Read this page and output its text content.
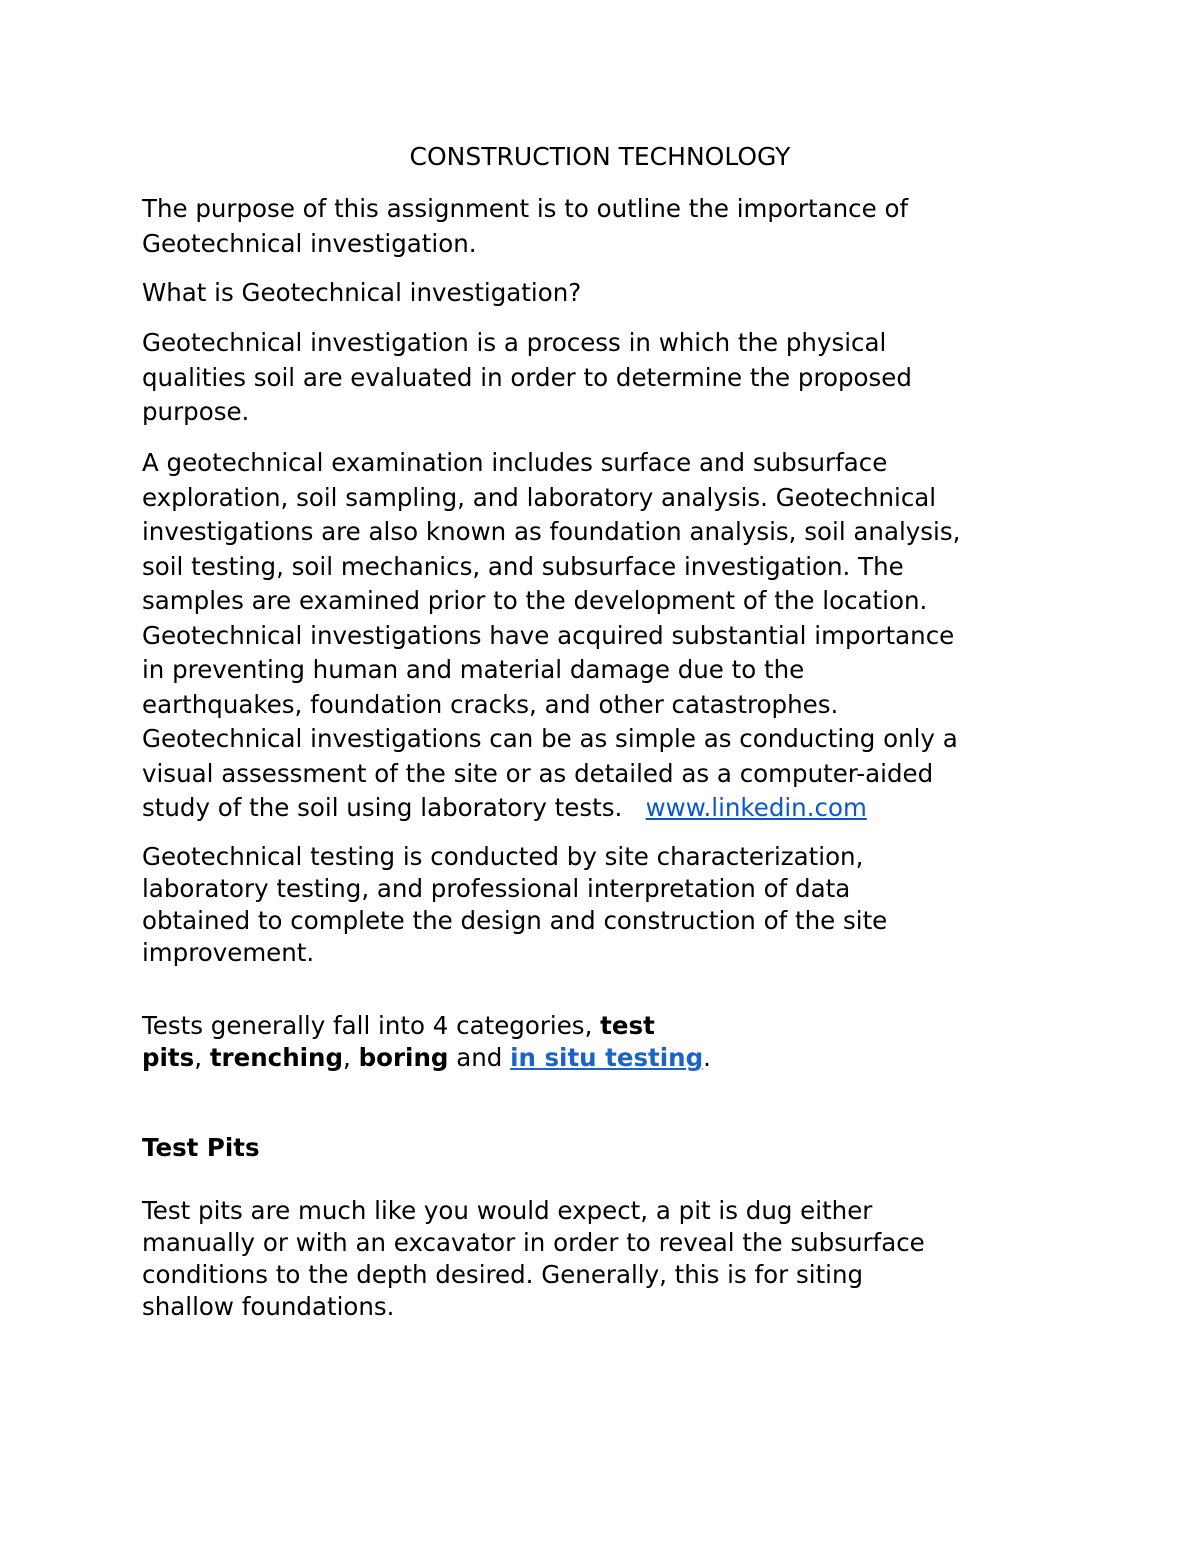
CONSTRUCTION TECHNOLOGY

The purpose of this assignment is to outline the importance of
Geotechnical investigation.

What is Geotechnical investigation?

Geotechnical investigation is a process in which the physical
qualities soil are evaluated in order to determine the proposed
purpose.

A geotechnical examination includes surface and subsurface
exploration, soil sampling, and laboratory analysis. Geotechnical
investigations are also known as foundation analysis, soil analysis,
soil testing, soil mechanics, and subsurface investigation. The
samples are examined prior to the development of the location.
Geotechnical investigations have acquired substantial importance
in preventing human and material damage due to the
earthquakes, foundation cracks, and other catastrophes.
Geotechnical investigations can be as simple as conducting only a
visual assessment of the site or as detailed as a computer-aided
study of the soil using laboratory tests. www.linkedin.com

Geotechnical testing is conducted by site characterization,
laboratory testing, and professional interpretation of data
obtained to complete the design and construction of the site
improvement.

Tests generally fall into 4 categories, test
pits, trenching, boring and in situ testing.

Test Pits

Test pits are much like you would expect, a pit is dug either
manually or with an excavator in order to reveal the subsurface
conditions to the depth desired. Generally, this is for siting
shallow foundations.
